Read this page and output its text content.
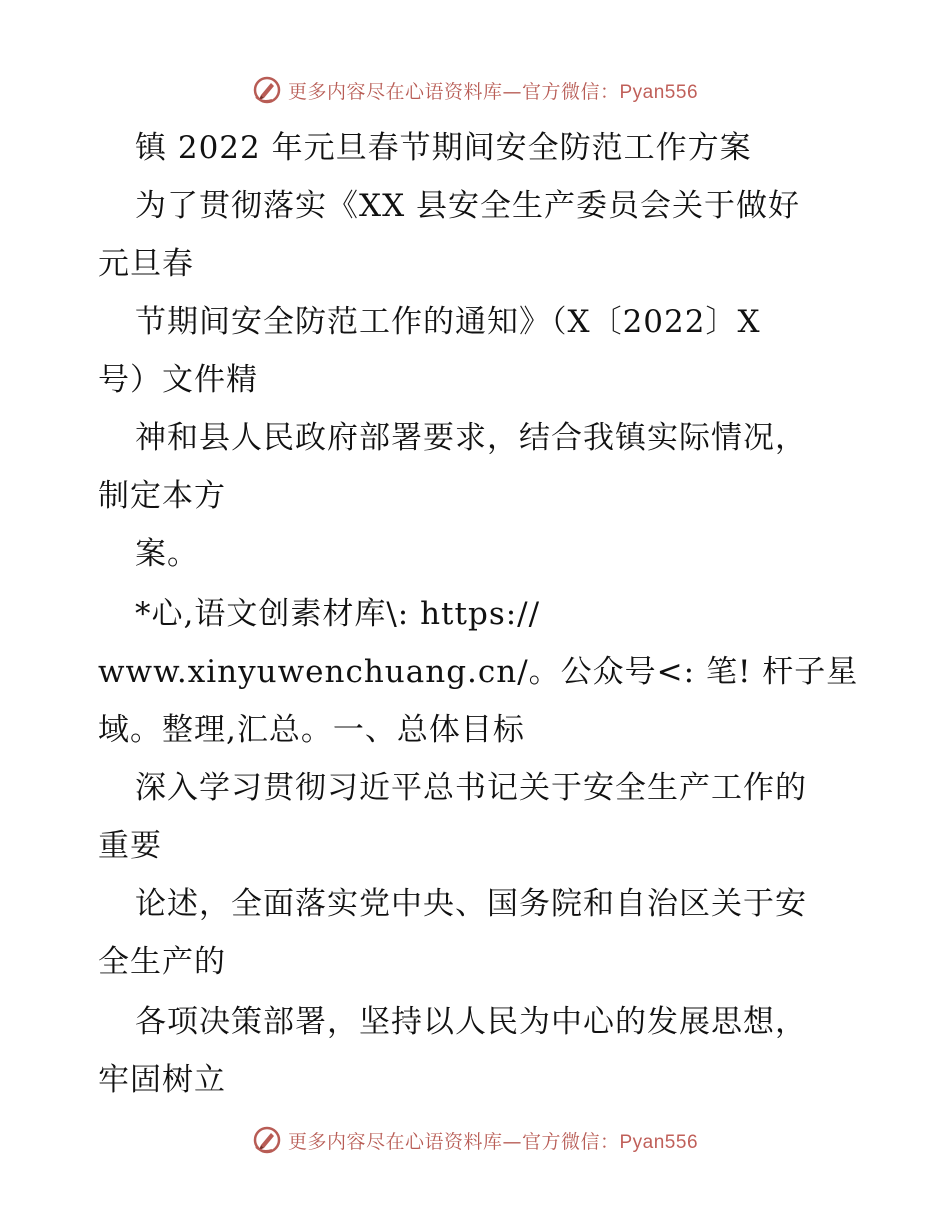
更多内容尽在心语资料库—官方微信：Pyan556
镇 2022 年元旦春节期间安全防范工作方案
为了贯彻落实《XX 县安全生产委员会关于做好
元旦春
节期间安全防范工作的通知》（X〔2022〕X
号）文件精
神和县人民政府部署要求，结合我镇实际情况，
制定本方
案。
*心,语文创素材库\: https://
www.xinyuwenchuang.cn/。公众号<: 笔! 杆子星
域。整理,汇总。一、总体目标
深入学习贯彻习近平总书记关于安全生产工作的
重要
论述，全面落实党中央、国务院和自治区关于安
全生产的
各项决策部署，坚持以人民为中心的发展思想，
牢固树立
更多内容尽在心语资料库—官方微信：Pyan556
